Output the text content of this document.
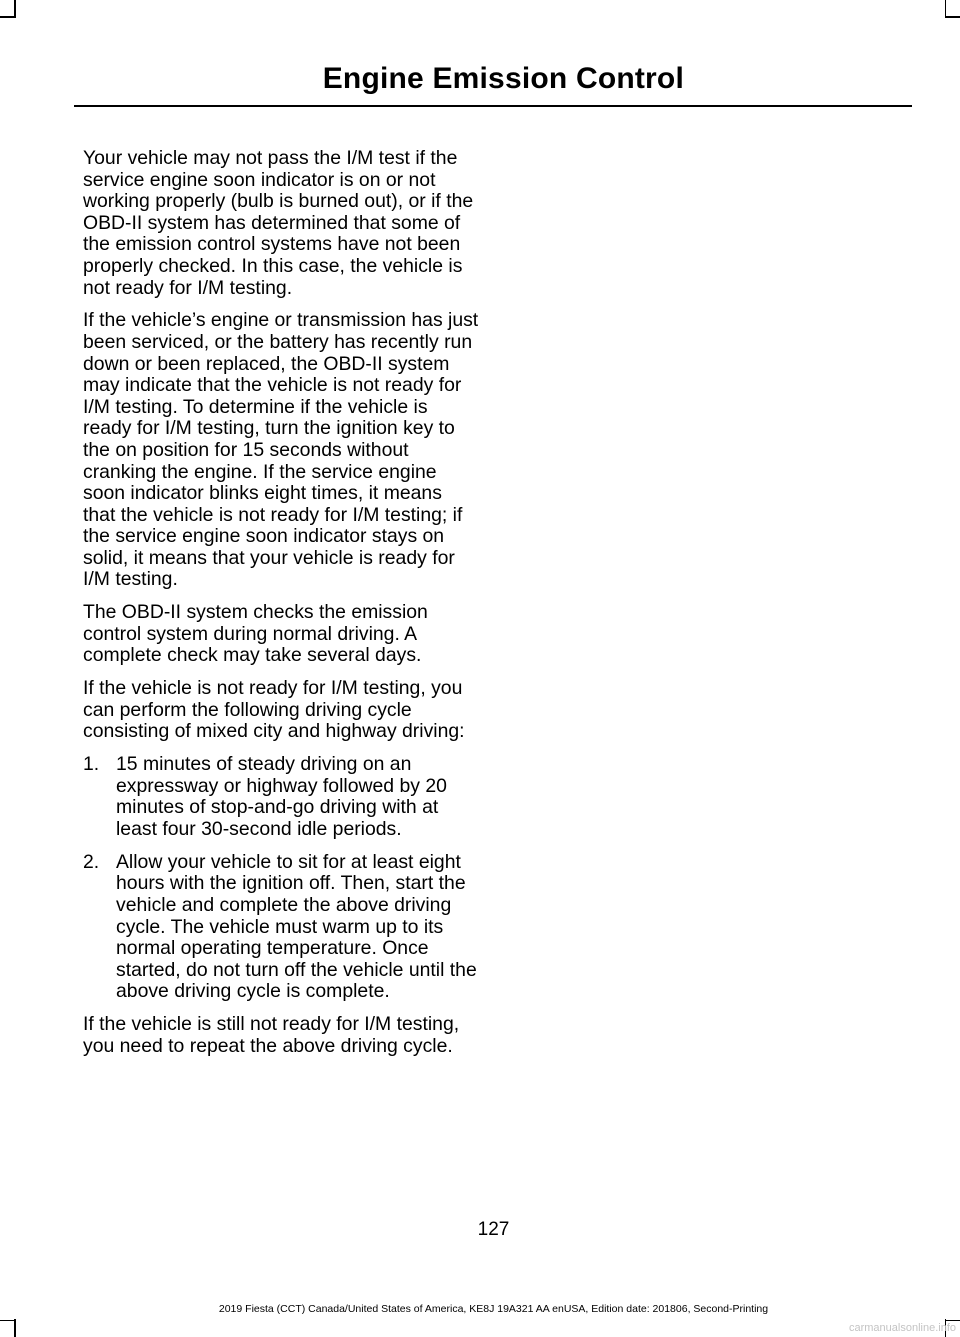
Engine Emission Control

Your vehicle may not pass the I/M test if the service engine soon indicator is on or not working properly (bulb is burned out), or if the OBD-II system has determined that some of the emission control systems have not been properly checked. In this case, the vehicle is not ready for I/M testing.

If the vehicle’s engine or transmission has just been serviced, or the battery has recently run down or been replaced, the OBD-II system may indicate that the vehicle is not ready for I/M testing. To determine if the vehicle is ready for I/M testing, turn the ignition key to the on position for 15 seconds without cranking the engine. If the service engine soon indicator blinks eight times, it means that the vehicle is not ready for I/M testing; if the service engine soon indicator stays on solid, it means that your vehicle is ready for I/M testing.

The OBD-II system checks the emission control system during normal driving. A complete check may take several days.

If the vehicle is not ready for I/M testing, you can perform the following driving cycle consisting of mixed city and highway driving:

1. 15 minutes of steady driving on an expressway or highway followed by 20 minutes of stop-and-go driving with at least four 30-second idle periods.
2. Allow your vehicle to sit for at least eight hours with the ignition off. Then, start the vehicle and complete the above driving cycle. The vehicle must warm up to its normal operating temperature. Once started, do not turn off the vehicle until the above driving cycle is complete.

If the vehicle is still not ready for I/M testing, you need to repeat the above driving cycle.

127
2019 Fiesta (CCT) Canada/United States of America, KE8J 19A321 AA enUSA, Edition date: 201806, Second-Printing
carmanualsonline.info
